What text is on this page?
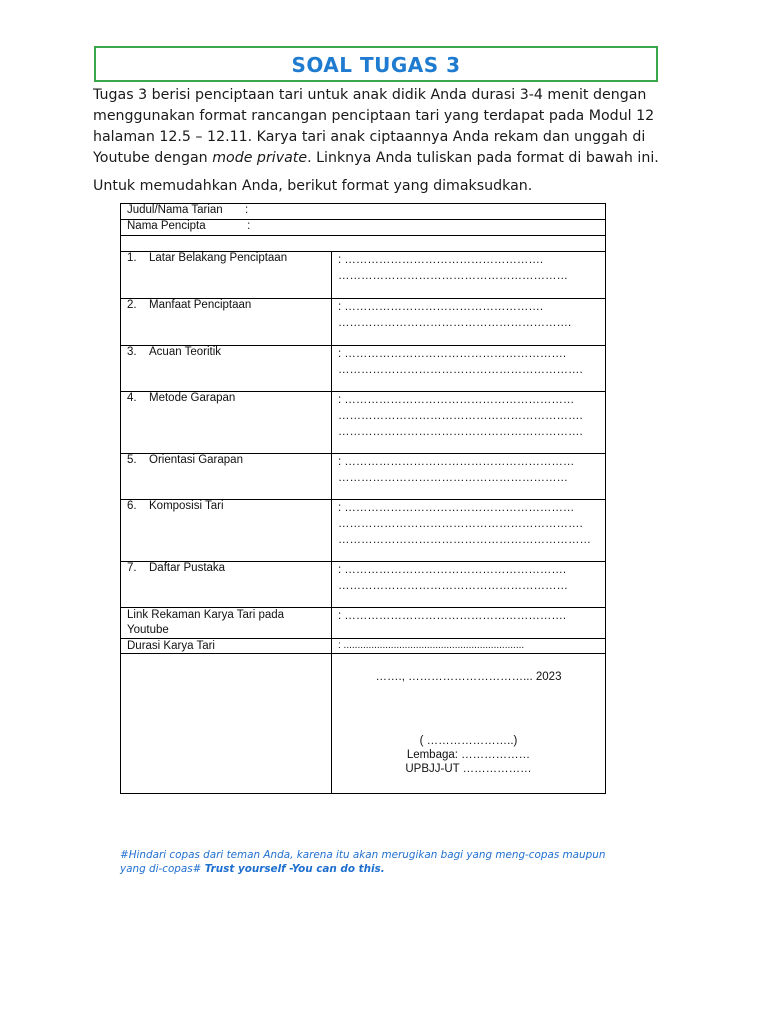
SOAL TUGAS 3

Tugas 3 berisi penciptaan tari untuk anak didik Anda durasi 3-4 menit dengan menggunakan format rancangan penciptaan tari yang terdapat pada Modul 12 halaman 12.5 – 12.11. Karya tari anak ciptaannya Anda rekam dan unggah di Youtube dengan mode private. Linknya Anda tuliskan pada format di bawah ini.

Untuk memudahkan Anda, berikut format yang dimaksudkan.

Judul/Nama Tarian       :	
Nama Pencipta             :	

1. Latar Belakang Penciptaan	: …………………………………………….
……………………………………………………

2. Manfaat Penciptaan	: …………………………………………….
…………………………………………………….

3. Acuan Teoritik	: ………………………………………………….
……………………………………………………….

4. Metode Garapan	: ……………………………………………………
……………………………………………………….
……………………………………………………….

5. Orientasi Garapan	: ……………………………………………………
……………………………………………………

6. Komposisi Tari	: ……………………………………………………
……………………………………………………….
…………………………………………………………

7. Daftar Pustaka	: ………………………………………………….
……………………………………………………

Link Rekaman Karya Tari pada Youtube	: ………………………………………………….

Durasi Karya Tari	: .................................................................

	……., …………………………... 2023
( …………………..)
Lembaga: ………………
UPBJJ-UT ………………
#Hindari copas dari teman Anda, karena itu akan merugikan bagi yang meng-copas maupun yang di-copas# Trust yourself -You can do this.
